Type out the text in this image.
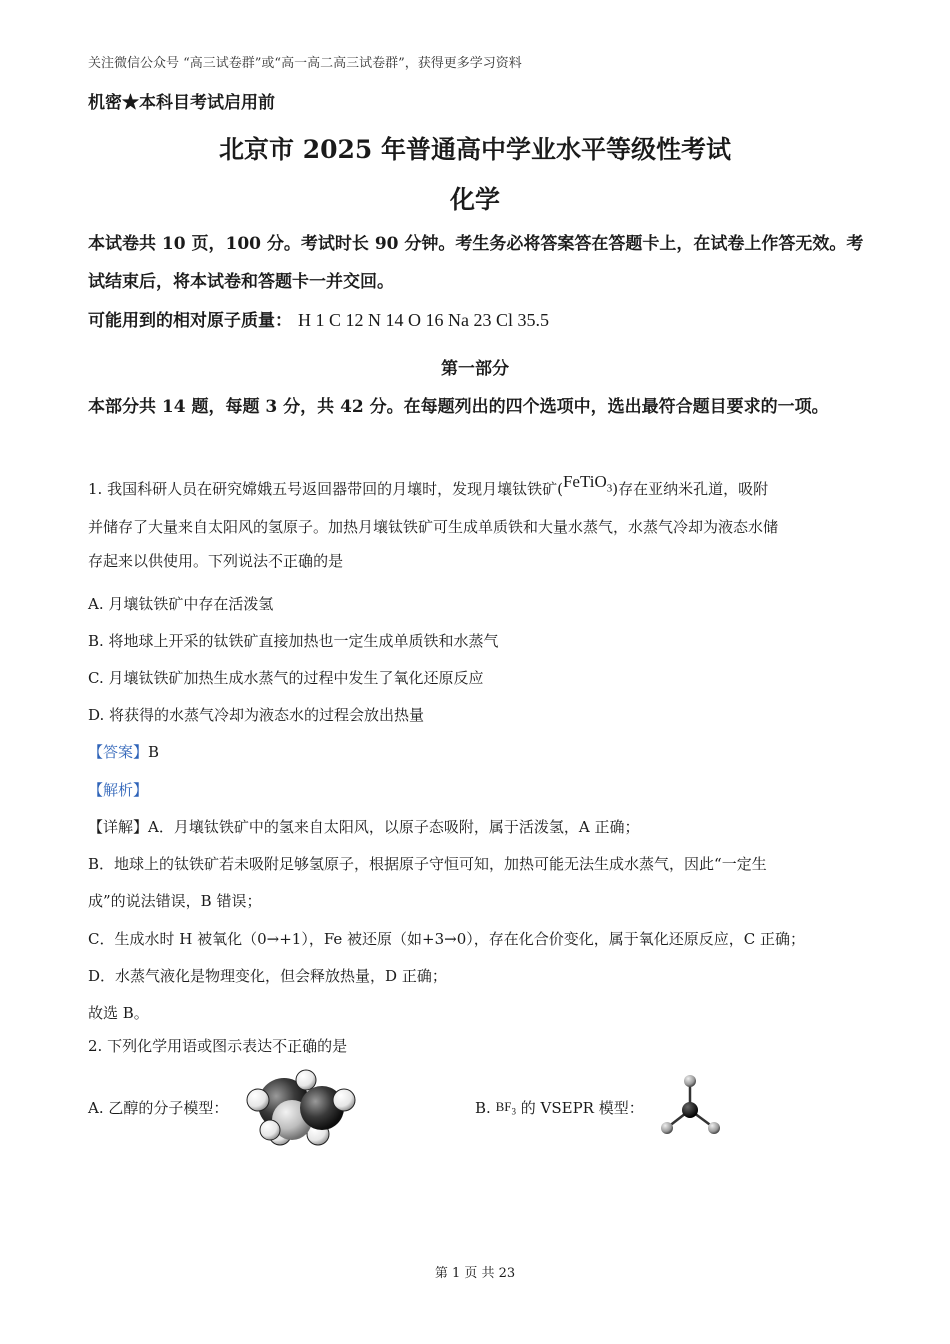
关注微信公众号 “高三试卷群”或“高一高二高三试卷群”，获得更多学习资料
机密★本科目考试启用前
北京市 2025 年普通高中学业水平等级性考试
化学
本试卷共 10 页，100 分。考试时长 90 分钟。考生务必将答案答在答题卡上，在试卷上作答无效。考试结束后，将本试卷和答题卡一并交回。
可能用到的相对原子质量： H 1 C 12 N 14 O 16 Na 23 Cl 35.5
第一部分
本部分共 14 题，每题 3 分，共 42 分。在每题列出的四个选项中，选出最符合题目要求的一项。
1. 我国科研人员在研究嫦娥五号返回器带回的月壤时，发现月壤钛铁矿(FeTiO$_3$)存在亚纳米孔道，吸附
并储存了大量来自太阳风的氢原子。加热月壤钛铁矿可生成单质铁和大量水蒸气，水蒸气冷却为液态水储
存起来以供使用。下列说法不正确的是
A. 月壤钛铁矿中存在活泼氢
B. 将地球上开采的钛铁矿直接加热也一定生成单质铁和水蒸气
C. 月壤钛铁矿加热生成水蒸气的过程中发生了氧化还原反应
D. 将获得的水蒸气冷却为液态水的过程会放出热量
【答案】B
【解析】
【详解】A．月壤钛铁矿中的氢来自太阳风，以原子态吸附，属于活泼氢，A 正确；
B．地球上的钛铁矿若未吸附足够氢原子，根据原子守恒可知，加热可能无法生成水蒸气，因此“一定生
成”的说法错误，B 错误；
C．生成水时 H 被氧化（0→+1），Fe 被还原（如+3→0），存在化合价变化，属于氧化还原反应，C 正确；
D．水蒸气液化是物理变化，但会释放热量，D 正确；
故选 B。
2. 下列化学用语或图示表达不正确的是
A. 乙醇的分子模型：	B. $BF_3$ 的 VSEPR 模型：
第 1 页 共 23
